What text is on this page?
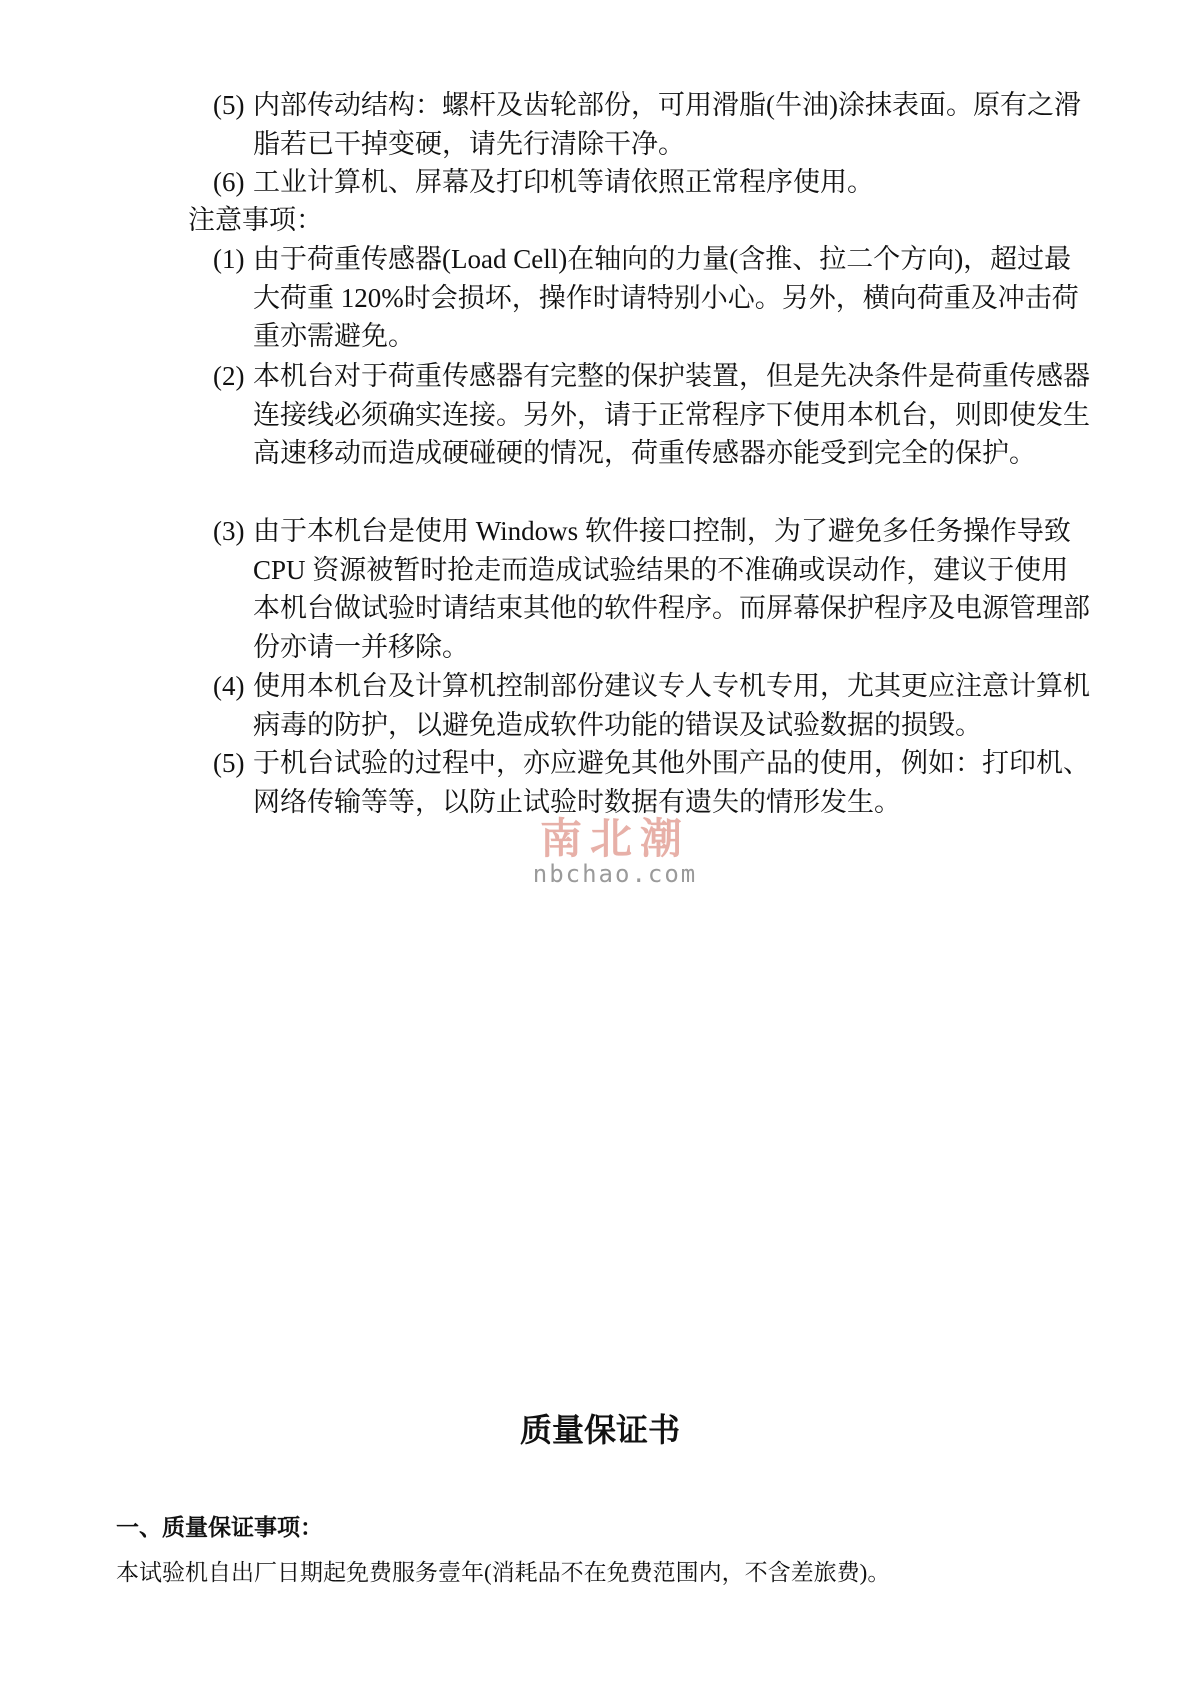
(5) 内部传动结构：螺杆及齿轮部份，可用滑脂(牛油)涂抹表面。原有之滑脂若已干掉变硬，请先行清除干净。
(6) 工业计算机、屏幕及打印机等请依照正常程序使用。
注意事项：
(1) 由于荷重传感器(Load Cell)在轴向的力量(含推、拉二个方向)，超过最大荷重 120%时会损坏，操作时请特别小心。另外，横向荷重及冲击荷重亦需避免。
(2) 本机台对于荷重传感器有完整的保护装置，但是先决条件是荷重传感器连接线必须确实连接。另外，请于正常程序下使用本机台，则即使发生高速移动而造成硬碰硬的情况，荷重传感器亦能受到完全的保护。
(3) 由于本机台是使用 Windows 软件接口控制，为了避免多任务操作导致 CPU 资源被暂时抢走而造成试验结果的不准确或误动作，建议于使用本机台做试验时请结束其他的软件程序。而屏幕保护程序及电源管理部份亦请一并移除。
(4) 使用本机台及计算机控制部份建议专人专机专用，尤其更应注意计算机病毒的防护，以避免造成软件功能的错误及试验数据的损毁。
(5) 于机台试验的过程中，亦应避免其他外围产品的使用，例如：打印机、网络传输等等，以防止试验时数据有遗失的情形发生。
南北潮
nbchao.com
质量保证书
一、质量保证事项：
本试验机自出厂日期起免费服务壹年(消耗品不在免费范围内，不含差旅费)。
